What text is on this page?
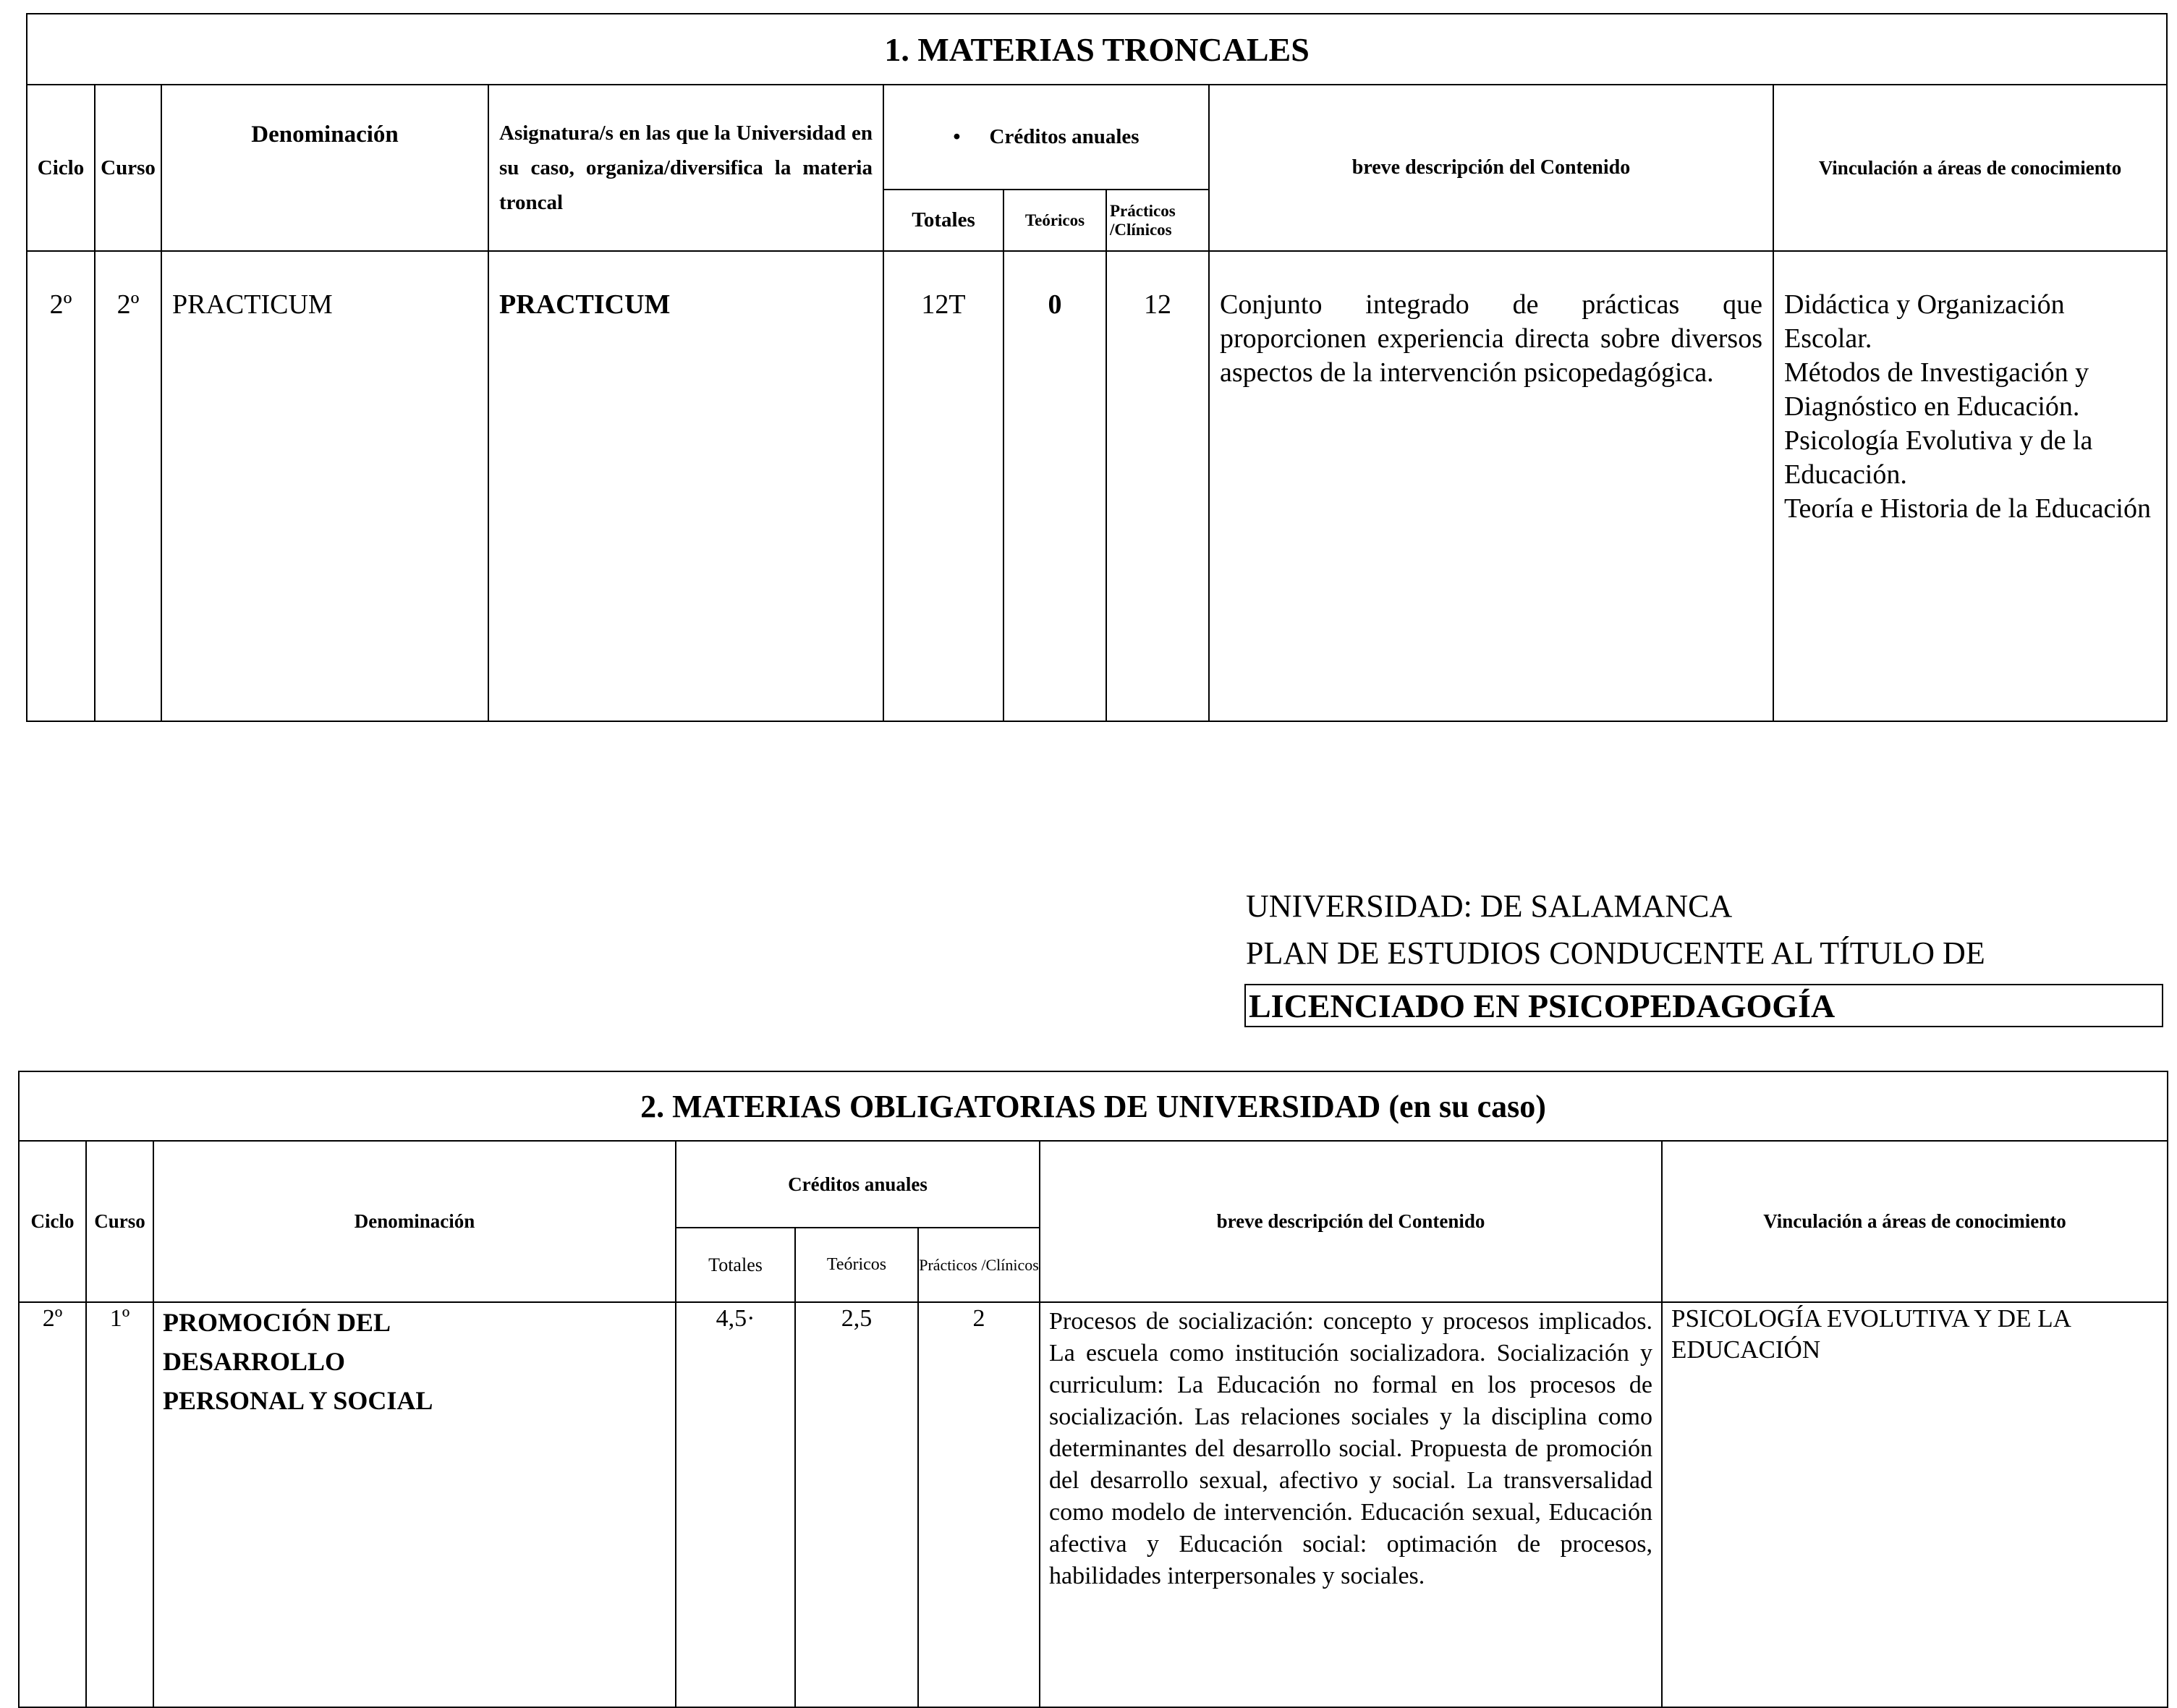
1. MATERIAS TRONCALES								
Ciclo	Curso	Denominación	Asignatura/s en las que la Universidad en su caso, organiza/diversifica la materia troncal	• Créditos anuales			breve descripción del Contenido	Vinculación a áreas de conocimiento
				Totales	Teóricos	Prácticos /Clínicos		
2º	2º	PRACTICUM	PRACTICUM	12T	0	12	Conjunto integrado de prácticas que proporcionen experiencia directa sobre diversos aspectos de la intervención psicopedagógica.	Didáctica y Organización Escolar.
Métodos de Investigación y Diagnóstico en Educación.
Psicología Evolutiva y de la Educación.
Teoría e Historia de la Educación
UNIVERSIDAD: DE SALAMANCA
PLAN DE ESTUDIOS CONDUCENTE AL TÍTULO DE
LICENCIADO EN PSICOPEDAGOGÍA
2. MATERIAS OBLIGATORIAS DE UNIVERSIDAD (en su caso)							
Ciclo	Curso	Denominación	Créditos anuales			breve descripción del Contenido	Vinculación a áreas de conocimiento
			Totales	Teóricos	Prácticos /Clínicos		
2º	1º	PROMOCIÓN DEL DESARROLLO PERSONAL Y SOCIAL	4,5·	2,5	2	Procesos de socialización: concepto y procesos implicados. La escuela como institución socializadora. Socialización y curriculum: La Educación no formal en los procesos de socialización. Las relaciones sociales y la disciplina como determinantes del desarrollo social. Propuesta de promoción del desarrollo sexual, afectivo y social. La transversalidad como modelo de intervención. Educación sexual, Educación afectiva y Educación social: optimación de procesos, habilidades interpersonales y sociales.	PSICOLOGÍA EVOLUTIVA Y DE LA EDUCACIÓN
